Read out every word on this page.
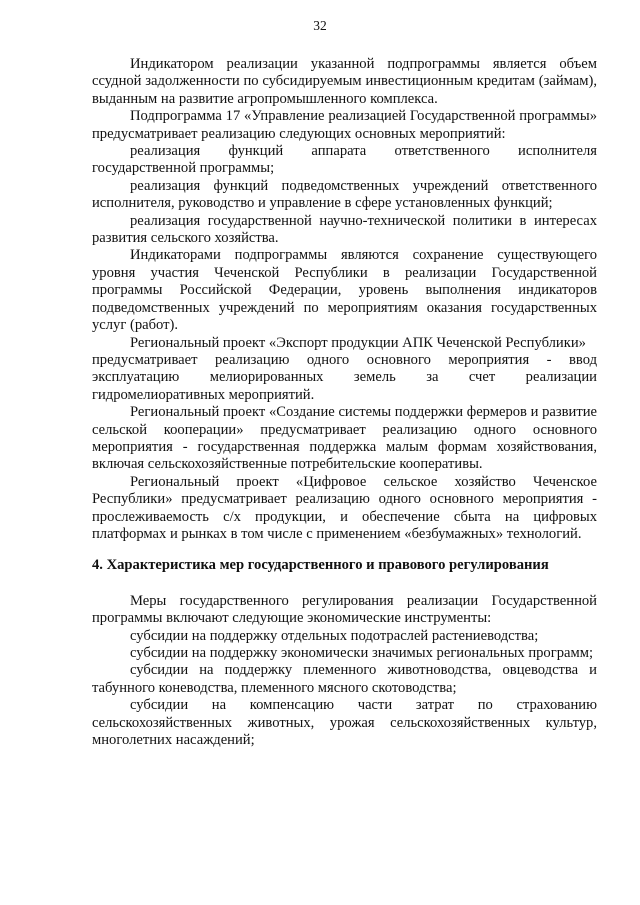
32

Индикатором реализации указанной подпрограммы является объем ссудной задолженности по субсидируемым инвестиционным кредитам (займам), выданным на развитие агропромышленного комплекса.

Подпрограмма 17 «Управление реализацией Государственной программы» предусматривает реализацию следующих основных мероприятий:

реализация функций аппарата ответственного исполнителя государственной программы;

реализация функций подведомственных учреждений ответственного исполнителя, руководство и управление в сфере установленных функций;

реализация государственной научно-технической политики в интересах развития сельского хозяйства.

Индикаторами подпрограммы являются сохранение существующего уровня участия Чеченской Республики в реализации Государственной программы Российской Федерации, уровень выполнения индикаторов подведомственных учреждений по мероприятиям оказания государственных услуг (работ).

Региональный проект «Экспорт продукции АПК Чеченской Республики»

предусматривает реализацию одного основного мероприятия - ввод эксплуатацию мелиорированных земель за счет реализации гидромелиоративных мероприятий.

Региональный проект «Создание системы поддержки фермеров и развитие сельской кооперации» предусматривает реализацию одного основного мероприятия - государственная поддержка малым формам хозяйствования, включая сельскохозяйственные потребительские кооперативы.

Региональный проект «Цифровое сельское хозяйство Чеченское Республики» предусматривает реализацию одного основного мероприятия - прослеживаемость с/х продукции, и обеспечение сбыта на цифровых платформах и рынках в том числе с применением «безбумажных» технологий.

4. Характеристика мер государственного и правового регулирования

Меры государственного регулирования реализации Государственной программы включают следующие экономические инструменты:

субсидии на поддержку отдельных подотраслей растениеводства;

субсидии на поддержку экономически значимых региональных программ;

субсидии на поддержку племенного животноводства, овцеводства и табунного коневодства, племенного мясного скотоводства;

субсидии на компенсацию части затрат по страхованию сельскохозяйственных животных, урожая сельскохозяйственных культур, многолетних насаждений;
